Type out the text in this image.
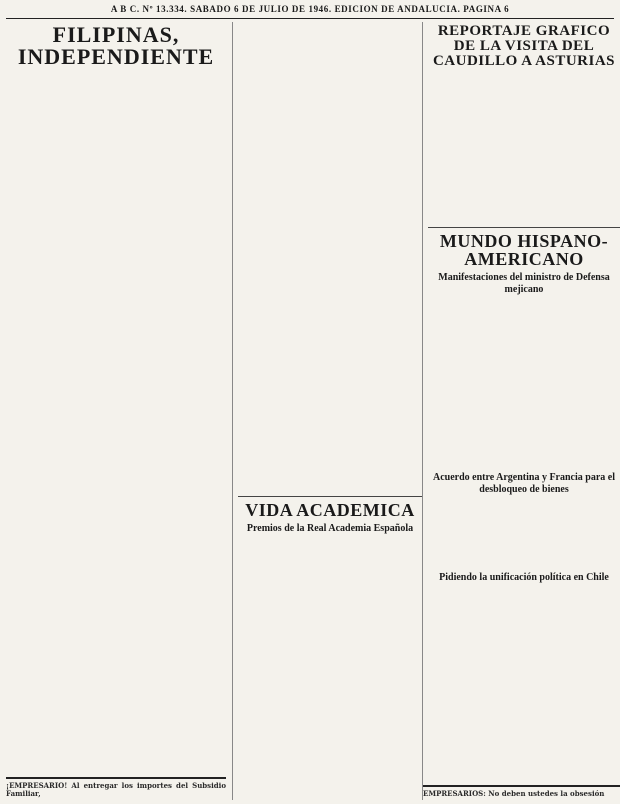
A B C. Nº 13.334. SABADO 6 DE JULIO DE 1946. EDICION DE ANDALUCIA. PAGINA 6
FILIPINAS, INDEPENDIENTE

¡EMPRESARIO! Al entregar los importes del Subsidio Familiar,

VIDA ACADEMICA
Premios de la Real Academia Española
REPORTAJE GRAFICO DE LA VISITA DEL CAUDILLO A ASTURIAS
MUNDO HISPANO-AMERICANO
Manifestaciones del ministro de Defensa mejicano
Acuerdo entre Argentina y Francia para el desbloqueo de bienes
Pidiendo la unificación política en Chile

EMPRESARIOS: No deben ustedes la obsesión
